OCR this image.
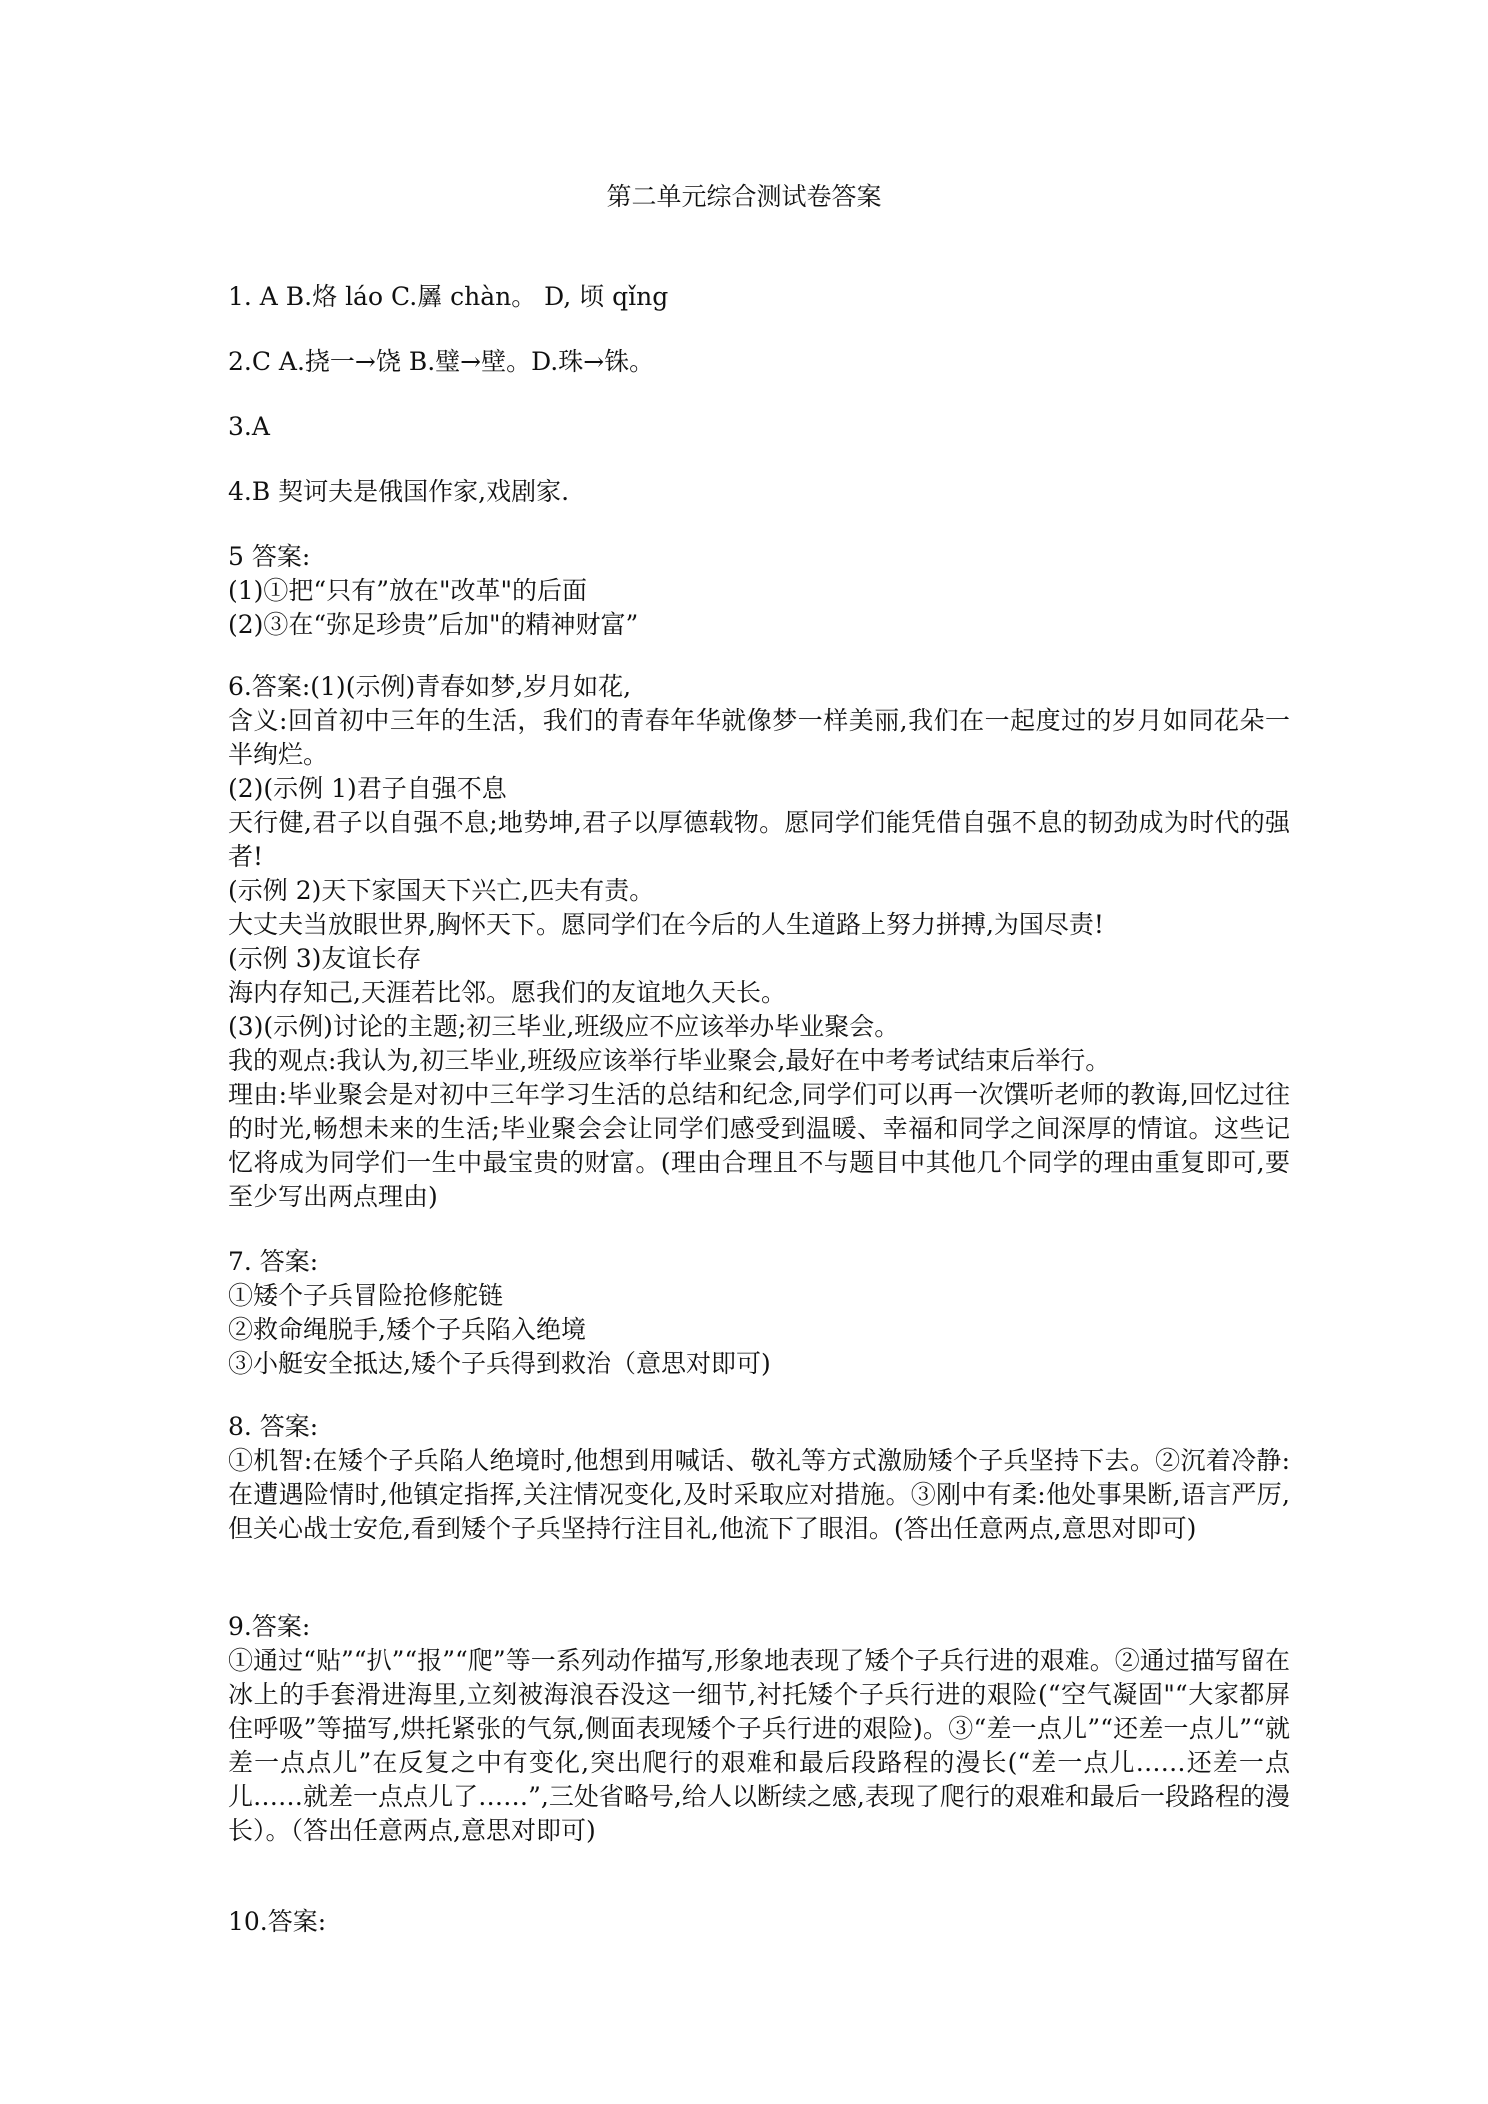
第二单元综合测试卷答案
1. A B.烙 láo C.羼 chàn。 D, 顷 qǐng
2.C A.挠一→饶 B.璧→壁。D.珠→铢。
3.A
4.B 契诃夫是俄国作家,戏剧家.
5 答案:
(1)①把“只有”放在"改革"的后面
(2)③在“弥足珍贵”后加"的精神财富”
6.答案:(1)(示例)青春如梦,岁月如花,
含义:回首初中三年的生活，我们的青春年华就像梦一样美丽,我们在一起度过的岁月如同花朵一半绚烂。
(2)(示例 1)君子自强不息
天行健,君子以自强不息;地势坤,君子以厚德载物。愿同学们能凭借自强不息的韧劲成为时代的强者!
(示例 2)天下家国天下兴亡,匹夫有责。
大丈夫当放眼世界,胸怀天下。愿同学们在今后的人生道路上努力拼搏,为国尽责!
(示例 3)友谊长存
海内存知己,天涯若比邻。愿我们的友谊地久天长。
(3)(示例)讨论的主题;初三毕业,班级应不应该举办毕业聚会。
我的观点:我认为,初三毕业,班级应该举行毕业聚会,最好在中考考试结束后举行。
理由:毕业聚会是对初中三年学习生活的总结和纪念,同学们可以再一次馔听老师的教诲,回忆过往的时光,畅想未来的生活;毕业聚会会让同学们感受到温暖、幸福和同学之间深厚的情谊。这些记忆将成为同学们一生中最宝贵的财富。(理由合理且不与题目中其他几个同学的理由重复即可,要至少写出两点理由)
7. 答案:
①矮个子兵冒险抢修舵链
②救命绳脱手,矮个子兵陷入绝境
③小艇安全抵达,矮个子兵得到救治（意思对即可)
8. 答案:
①机智:在矮个子兵陷人绝境时,他想到用喊话、敬礼等方式激励矮个子兵坚持下去。②沉着冷静:在遭遇险情时,他镇定指挥,关注情况变化,及时采取应对措施。③刚中有柔:他处事果断,语言严厉,但关心战士安危,看到矮个子兵坚持行注目礼,他流下了眼泪。(答出任意两点,意思对即可)
9.答案:
①通过“贴”“扒”“报”“爬”等一系列动作描写,形象地表现了矮个子兵行进的艰难。②通过描写留在冰上的手套滑进海里,立刻被海浪吞没这一细节,衬托矮个子兵行进的艰险(“空气凝固"“大家都屏住呼吸”等描写,烘托紧张的气氛,侧面表现矮个子兵行进的艰险)。③“差一点儿”“还差一点儿”“就差一点点儿”在反复之中有变化,突出爬行的艰难和最后段路程的漫长(“差一点儿……还差一点儿……就差一点点儿了……”,三处省略号,给人以断续之感,表现了爬行的艰难和最后一段路程的漫长）。（答出任意两点,意思对即可)
10.答案:
